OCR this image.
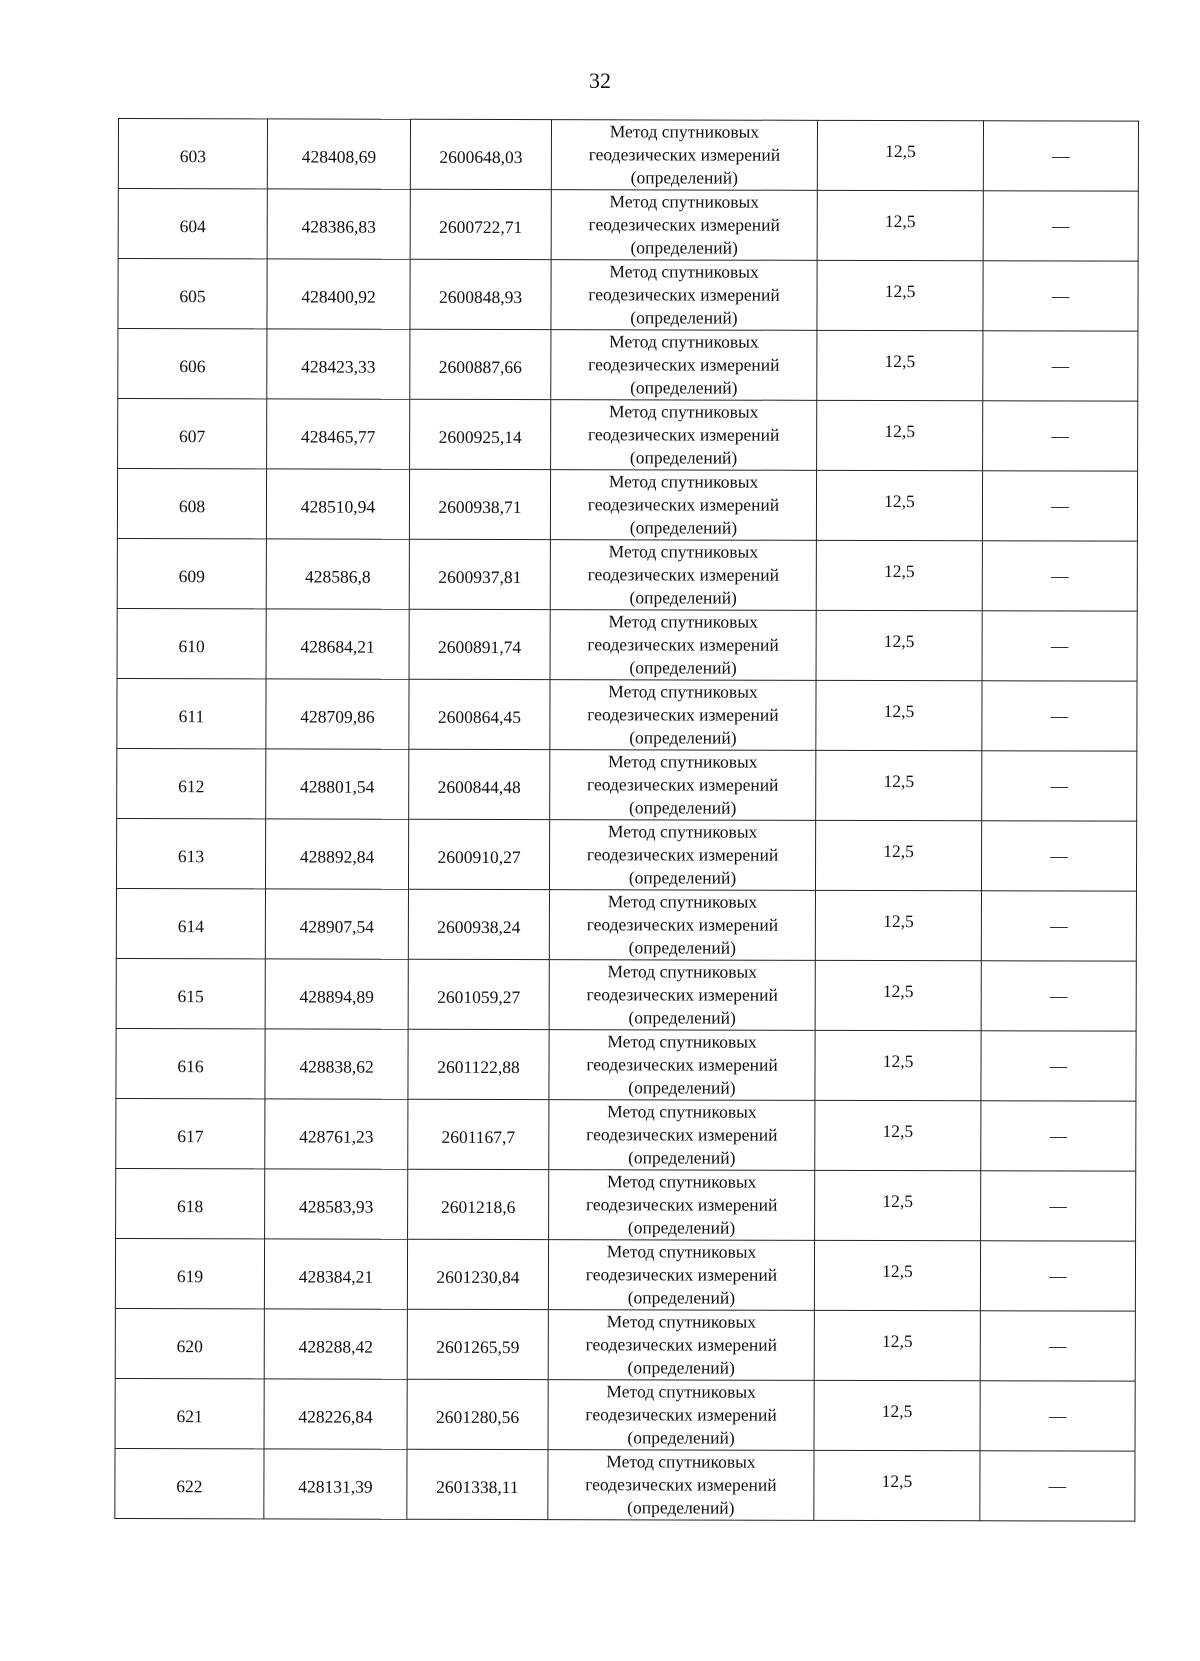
32
603	428408,69	2600648,03	Метод спутниковых
геодезических измерений
(определений)	12,5	—
604	428386,83	2600722,71	Метод спутниковых
геодезических измерений
(определений)	12,5	—
605	428400,92	2600848,93	Метод спутниковых
геодезических измерений
(определений)	12,5	—
606	428423,33	2600887,66	Метод спутниковых
геодезических измерений
(определений)	12,5	—
607	428465,77	2600925,14	Метод спутниковых
геодезических измерений
(определений)	12,5	—
608	428510,94	2600938,71	Метод спутниковых
геодезических измерений
(определений)	12,5	—
609	428586,8	2600937,81	Метод спутниковых
геодезических измерений
(определений)	12,5	—
610	428684,21	2600891,74	Метод спутниковых
геодезических измерений
(определений)	12,5	—
611	428709,86	2600864,45	Метод спутниковых
геодезических измерений
(определений)	12,5	—
612	428801,54	2600844,48	Метод спутниковых
геодезических измерений
(определений)	12,5	—
613	428892,84	2600910,27	Метод спутниковых
геодезических измерений
(определений)	12,5	—
614	428907,54	2600938,24	Метод спутниковых
геодезических измерений
(определений)	12,5	—
615	428894,89	2601059,27	Метод спутниковых
геодезических измерений
(определений)	12,5	—
616	428838,62	2601122,88	Метод спутниковых
геодезических измерений
(определений)	12,5	—
617	428761,23	2601167,7	Метод спутниковых
геодезических измерений
(определений)	12,5	—
618	428583,93	2601218,6	Метод спутниковых
геодезических измерений
(определений)	12,5	—
619	428384,21	2601230,84	Метод спутниковых
геодезических измерений
(определений)	12,5	—
620	428288,42	2601265,59	Метод спутниковых
геодезических измерений
(определений)	12,5	—
621	428226,84	2601280,56	Метод спутниковых
геодезических измерений
(определений)	12,5	—
622	428131,39	2601338,11	Метод спутниковых
геодезических измерений
(определений)	12,5	—
